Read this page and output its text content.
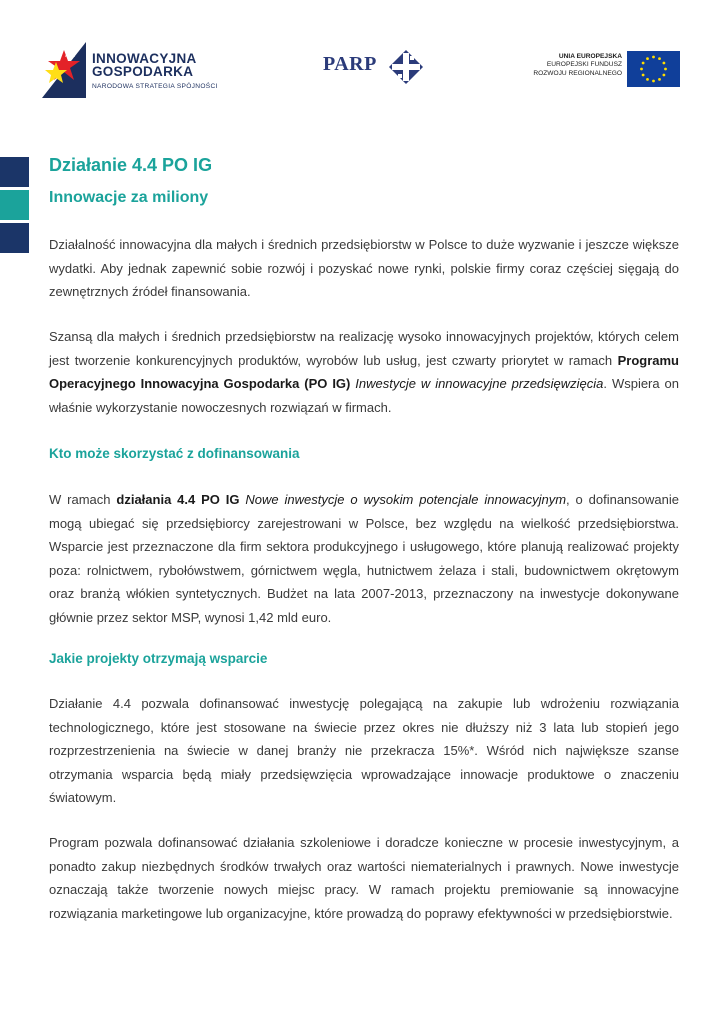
INNOWACYJNA
GOSPODARKA
NARODOWA STRATEGIA SPÓJNOŚCI
PARP	UNIA EUROPEJSKA
EUROPEJSKI FUNDUSZ
ROZWOJU REGIONALNEGO
Działanie 4.4 PO IG
Innowacje za miliony

Działalność innowacyjna dla małych i średnich przedsiębiorstw w Polsce to duże wyzwanie i jeszcze większe wydatki. Aby jednak zapewnić sobie rozwój i pozyskać nowe rynki, polskie firmy coraz częściej sięgają do zewnętrznych źródeł finansowania.

Szansą dla małych i średnich przedsiębiorstw na realizację wysoko innowacyjnych projektów, których celem jest tworzenie konkurencyjnych produktów, wyrobów lub usług, jest czwarty priorytet w ramach Programu Operacyjnego Innowacyjna Gospodarka (PO IG) Inwestycje w innowacyjne przedsięwzięcia. Wspiera on właśnie wykorzystanie nowoczesnych rozwiązań w firmach.

Kto może skorzystać z dofinansowania

W ramach działania 4.4 PO IG Nowe inwestycje o wysokim potencjale innowacyjnym, o dofinansowanie mogą ubiegać się przedsiębiorcy zarejestrowani w Polsce, bez względu na wielkość przedsiębiorstwa. Wsparcie jest przeznaczone dla firm sektora produkcyjnego i usługowego, które planują realizować projekty poza: rolnictwem, rybołówstwem, górnictwem węgla, hutnictwem żelaza i stali, budownictwem okrętowym oraz branżą włókien syntetycznych. Budżet na lata 2007-2013, przeznaczony na inwestycje dokonywane głównie przez sektor MSP, wynosi 1,42 mld euro.

Jakie projekty otrzymają wsparcie

Działanie 4.4 pozwala dofinansować inwestycję polegającą na zakupie lub wdrożeniu rozwiązania technologicznego, które jest stosowane na świecie przez okres nie dłuższy niż 3 lata lub stopień jego rozprzestrzenienia na świecie w danej branży nie przekracza 15%*. Wśród nich największe szanse otrzymania wsparcia będą miały przedsięwzięcia wprowadzające innowacje produktowe o znaczeniu światowym.

Program pozwala dofinansować działania szkoleniowe i doradcze konieczne w procesie inwestycyjnym, a ponadto zakup niezbędnych środków trwałych oraz wartości niematerialnych i prawnych. Nowe inwestycje oznaczają także tworzenie nowych miejsc pracy. W ramach projektu premiowanie są innowacyjne rozwiązania marketingowe lub organizacyjne, które prowadzą do poprawy efektywności w przedsiębiorstwie.
